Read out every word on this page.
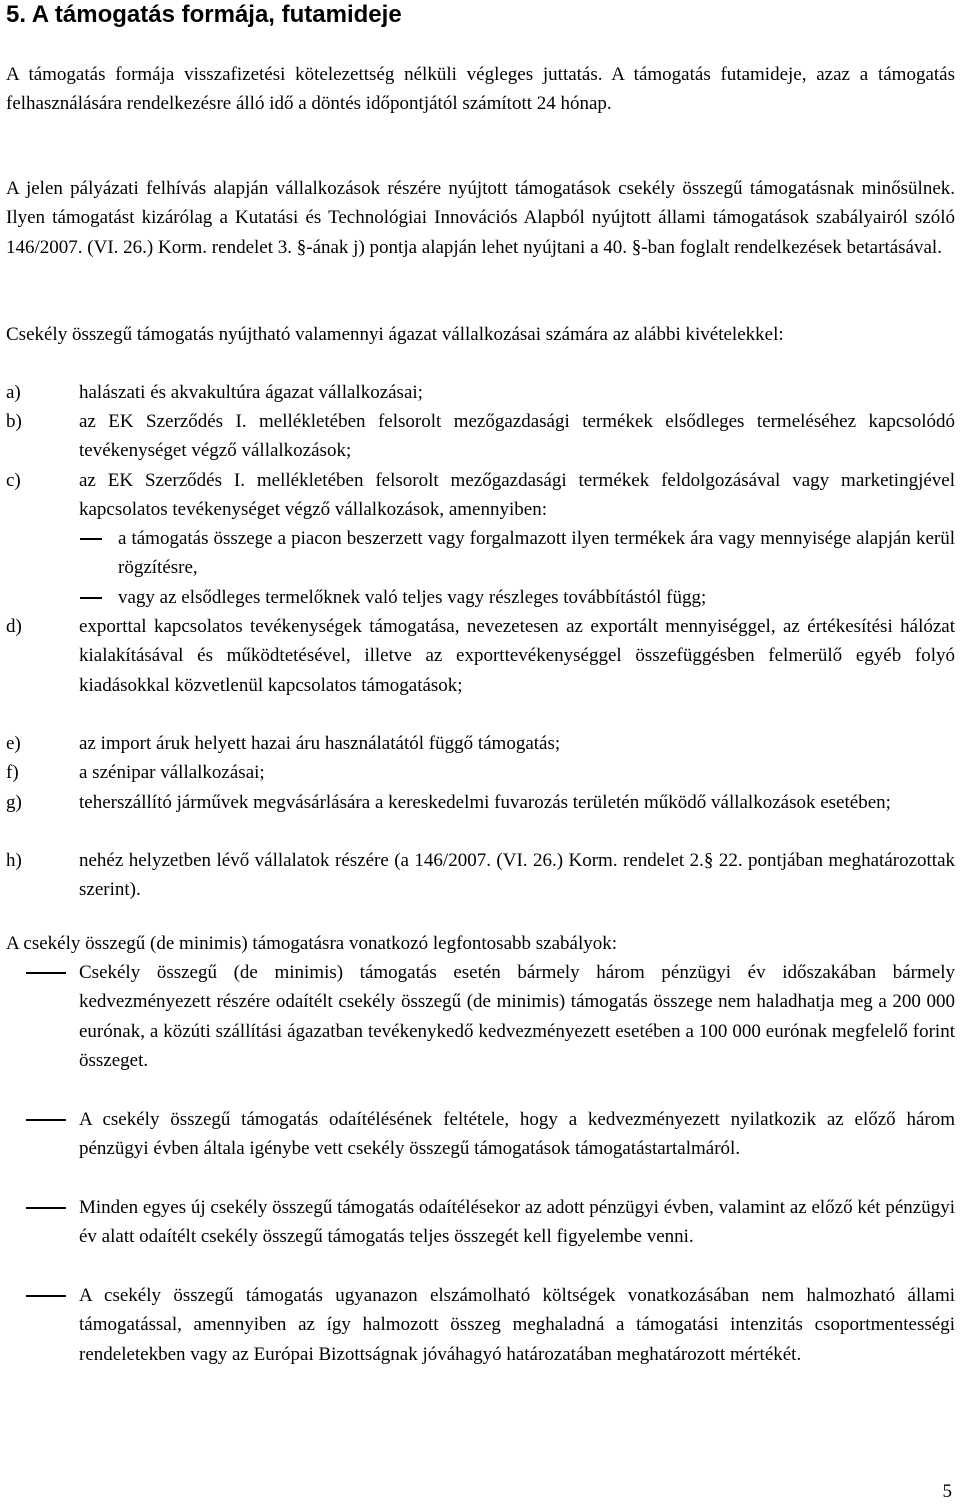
5. A támogatás formája, futamideje

A támogatás formája visszafizetési kötelezettség nélküli végleges juttatás. A támogatás futamideje, azaz a támogatás felhasználására rendelkezésre álló idő a döntés időpontjától számított 24 hónap.

A jelen pályázati felhívás alapján vállalkozások részére nyújtott támogatások csekély összegű támogatásnak minősülnek. Ilyen támogatást kizárólag a Kutatási és Technológiai Innovációs Alapból nyújtott állami támogatások szabályairól szóló 146/2007. (VI. 26.) Korm. rendelet 3. §-ának j) pontja alapján lehet nyújtani a 40. §-ban foglalt rendelkezések betartásával.

Csekély összegű támogatás nyújtható valamennyi ágazat vállalkozásai számára az alábbi kivételekkel:

a)	halászati és akvakultúra ágazat vállalkozásai;
b)	az EK Szerződés I. mellékletében felsorolt mezőgazdasági termékek elsődleges termeléséhez kapcsolódó tevékenységet végző vállalkozások;
c)	az EK Szerződés I. mellékletében felsorolt mezőgazdasági termékek feldolgozásával vagy marketingjével kapcsolatos tevékenységet végző vállalkozások, amennyiben:
a támogatás összege a piacon beszerzett vagy forgalmazott ilyen termékek ára vagy mennyisége alapján kerül rögzítésre,
vagy az elsődleges termelőknek való teljes vagy részleges továbbítástól függ;
d)	exporttal kapcsolatos tevékenységek támogatása, nevezetesen az exportált mennyiséggel, az értékesítési hálózat kialakításával és működtetésével, illetve az exporttevékenységgel összefüggésben felmerülő egyéb folyó kiadásokkal közvetlenül kapcsolatos támogatások;
e)	az import áruk helyett hazai áru használatától függő támogatás;
f)	a szénipar vállalkozásai;
g)	teherszállító járművek megvásárlására a kereskedelmi fuvarozás területén működő vállalkozások esetében;
h)	nehéz helyzetben lévő vállalatok részére (a 146/2007. (VI. 26.) Korm. rendelet 2.§ 22. pontjában meghatározottak szerint).

A csekély összegű (de minimis) támogatásra vonatkozó legfontosabb szabályok:

Csekély összegű (de minimis) támogatás esetén bármely három pénzügyi év időszakában bármely kedvezményezett részére odaítélt csekély összegű (de minimis) támogatás összege nem haladhatja meg a 200 000 eurónak, a közúti szállítási ágazatban tevékenykedő kedvezményezett esetében a 100 000 eurónak megfelelő forint összeget.
A csekély összegű támogatás odaítélésének feltétele, hogy a kedvezményezett nyilatkozik az előző három pénzügyi évben általa igénybe vett csekély összegű támogatások támogatástartalmáról.
Minden egyes új csekély összegű támogatás odaítélésekor az adott pénzügyi évben, valamint az előző két pénzügyi év alatt odaítélt csekély összegű támogatás teljes összegét kell figyelembe venni.
A csekély összegű támogatás ugyanazon elszámolható költségek vonatkozásában nem halmozható állami támogatással, amennyiben az így halmozott összeg meghaladná a támogatási intenzitás csoportmentességi rendeletekben vagy az Európai Bizottságnak jóváhagyó határozatában meghatározott mértékét.
5
